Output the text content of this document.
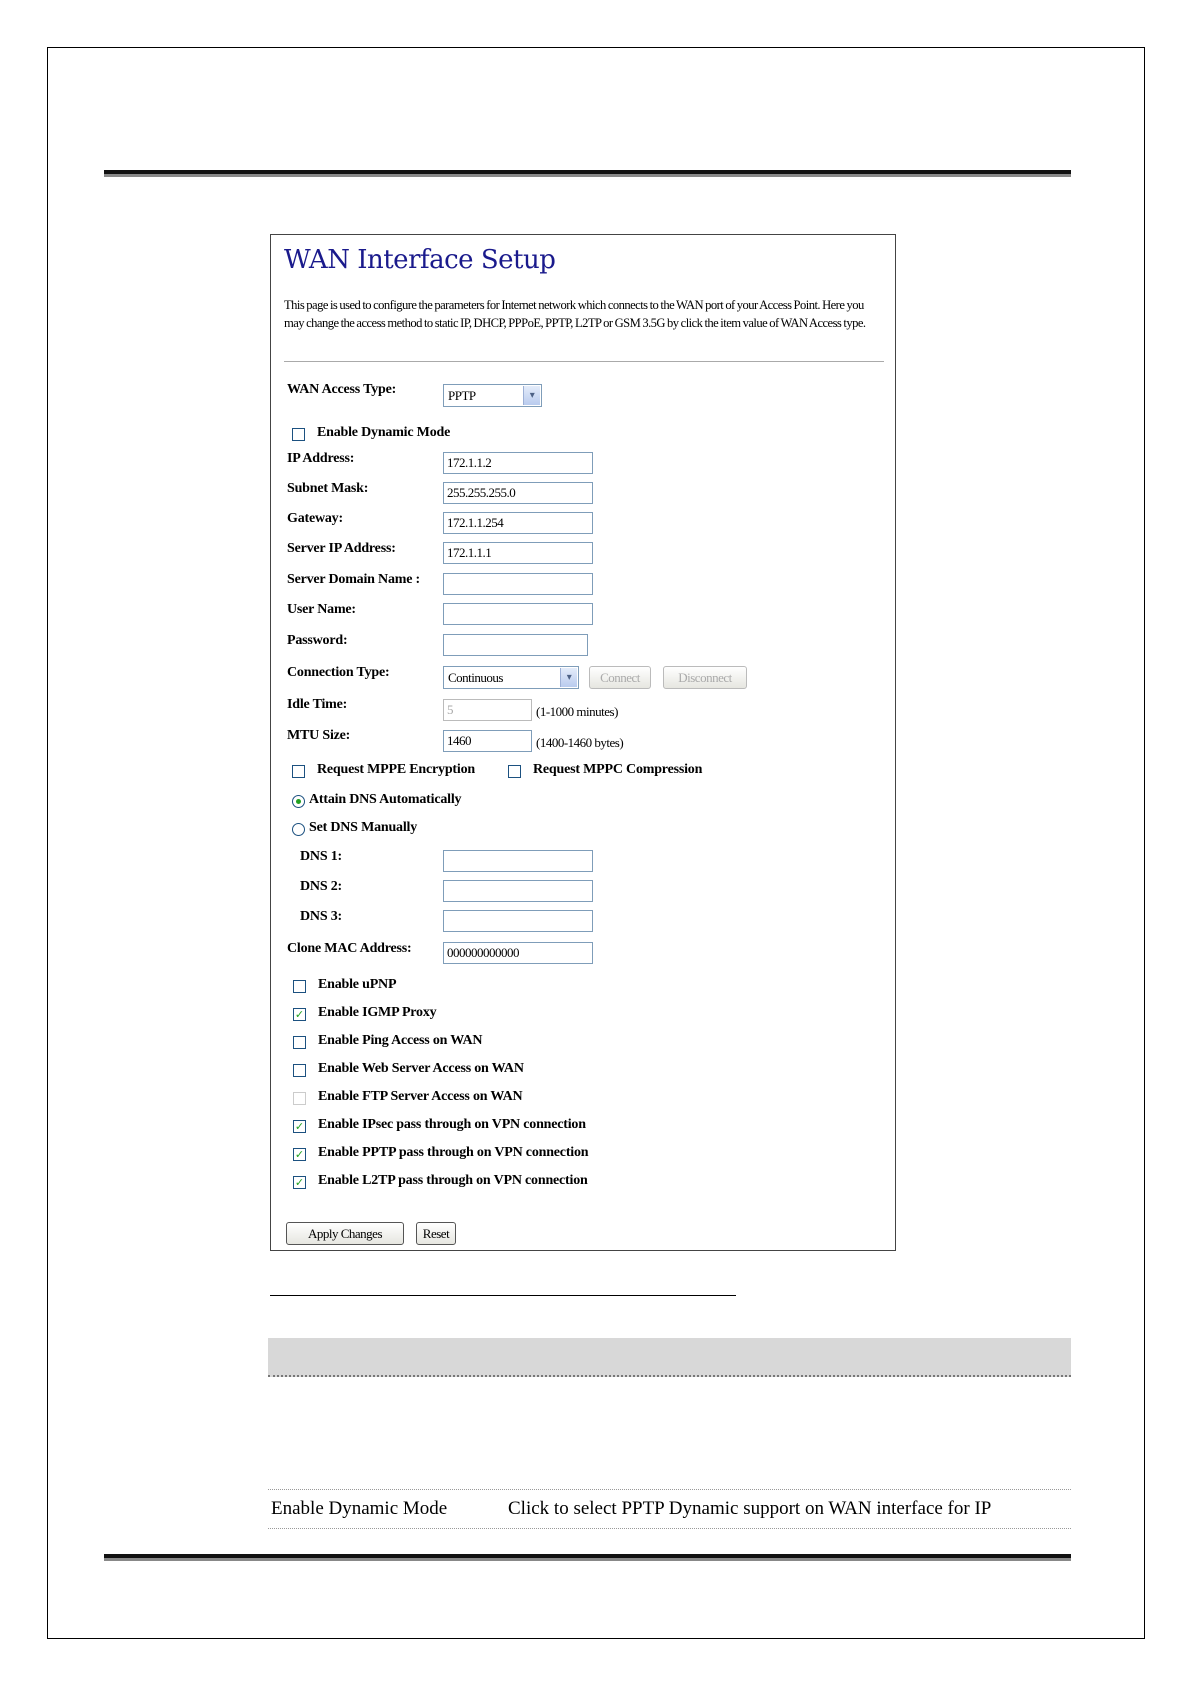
WAN Interface Setup
This page is used to configure the parameters for Internet network which connects to the WAN port of your Access Point. Here you may change the access method to static IP, DHCP, PPPoE, PPTP, L2TP or GSM 3.5G by click the item value of WAN Access type.
WAN Access Type:	PPTP	▾
Enable Dynamic Mode
IP Address:	172.1.1.2
Subnet Mask:	255.255.255.0
Gateway:	172.1.1.254
Server IP Address:	172.1.1.1
Server Domain Name :
User Name:
Password:
Connection Type:	Continuous	▾	Connect	Disconnect
Idle Time:	5	(1-1000 minutes)
MTU Size:	1460	(1400-1460 bytes)
Request MPPE Encryption	Request MPPC Compression
Attain DNS Automatically
Set DNS Manually
DNS 1:
DNS 2:
DNS 3:
Clone MAC Address:	000000000000
Enable uPNP
✓ Enable IGMP Proxy
Enable Ping Access on WAN
Enable Web Server Access on WAN
Enable FTP Server Access on WAN
✓ Enable IPsec pass through on VPN connection
✓ Enable PPTP pass through on VPN connection
✓ Enable L2TP pass through on VPN connection
Apply Changes	Reset
Enable Dynamic Mode	Click to select PPTP Dynamic support on WAN interface for IP
